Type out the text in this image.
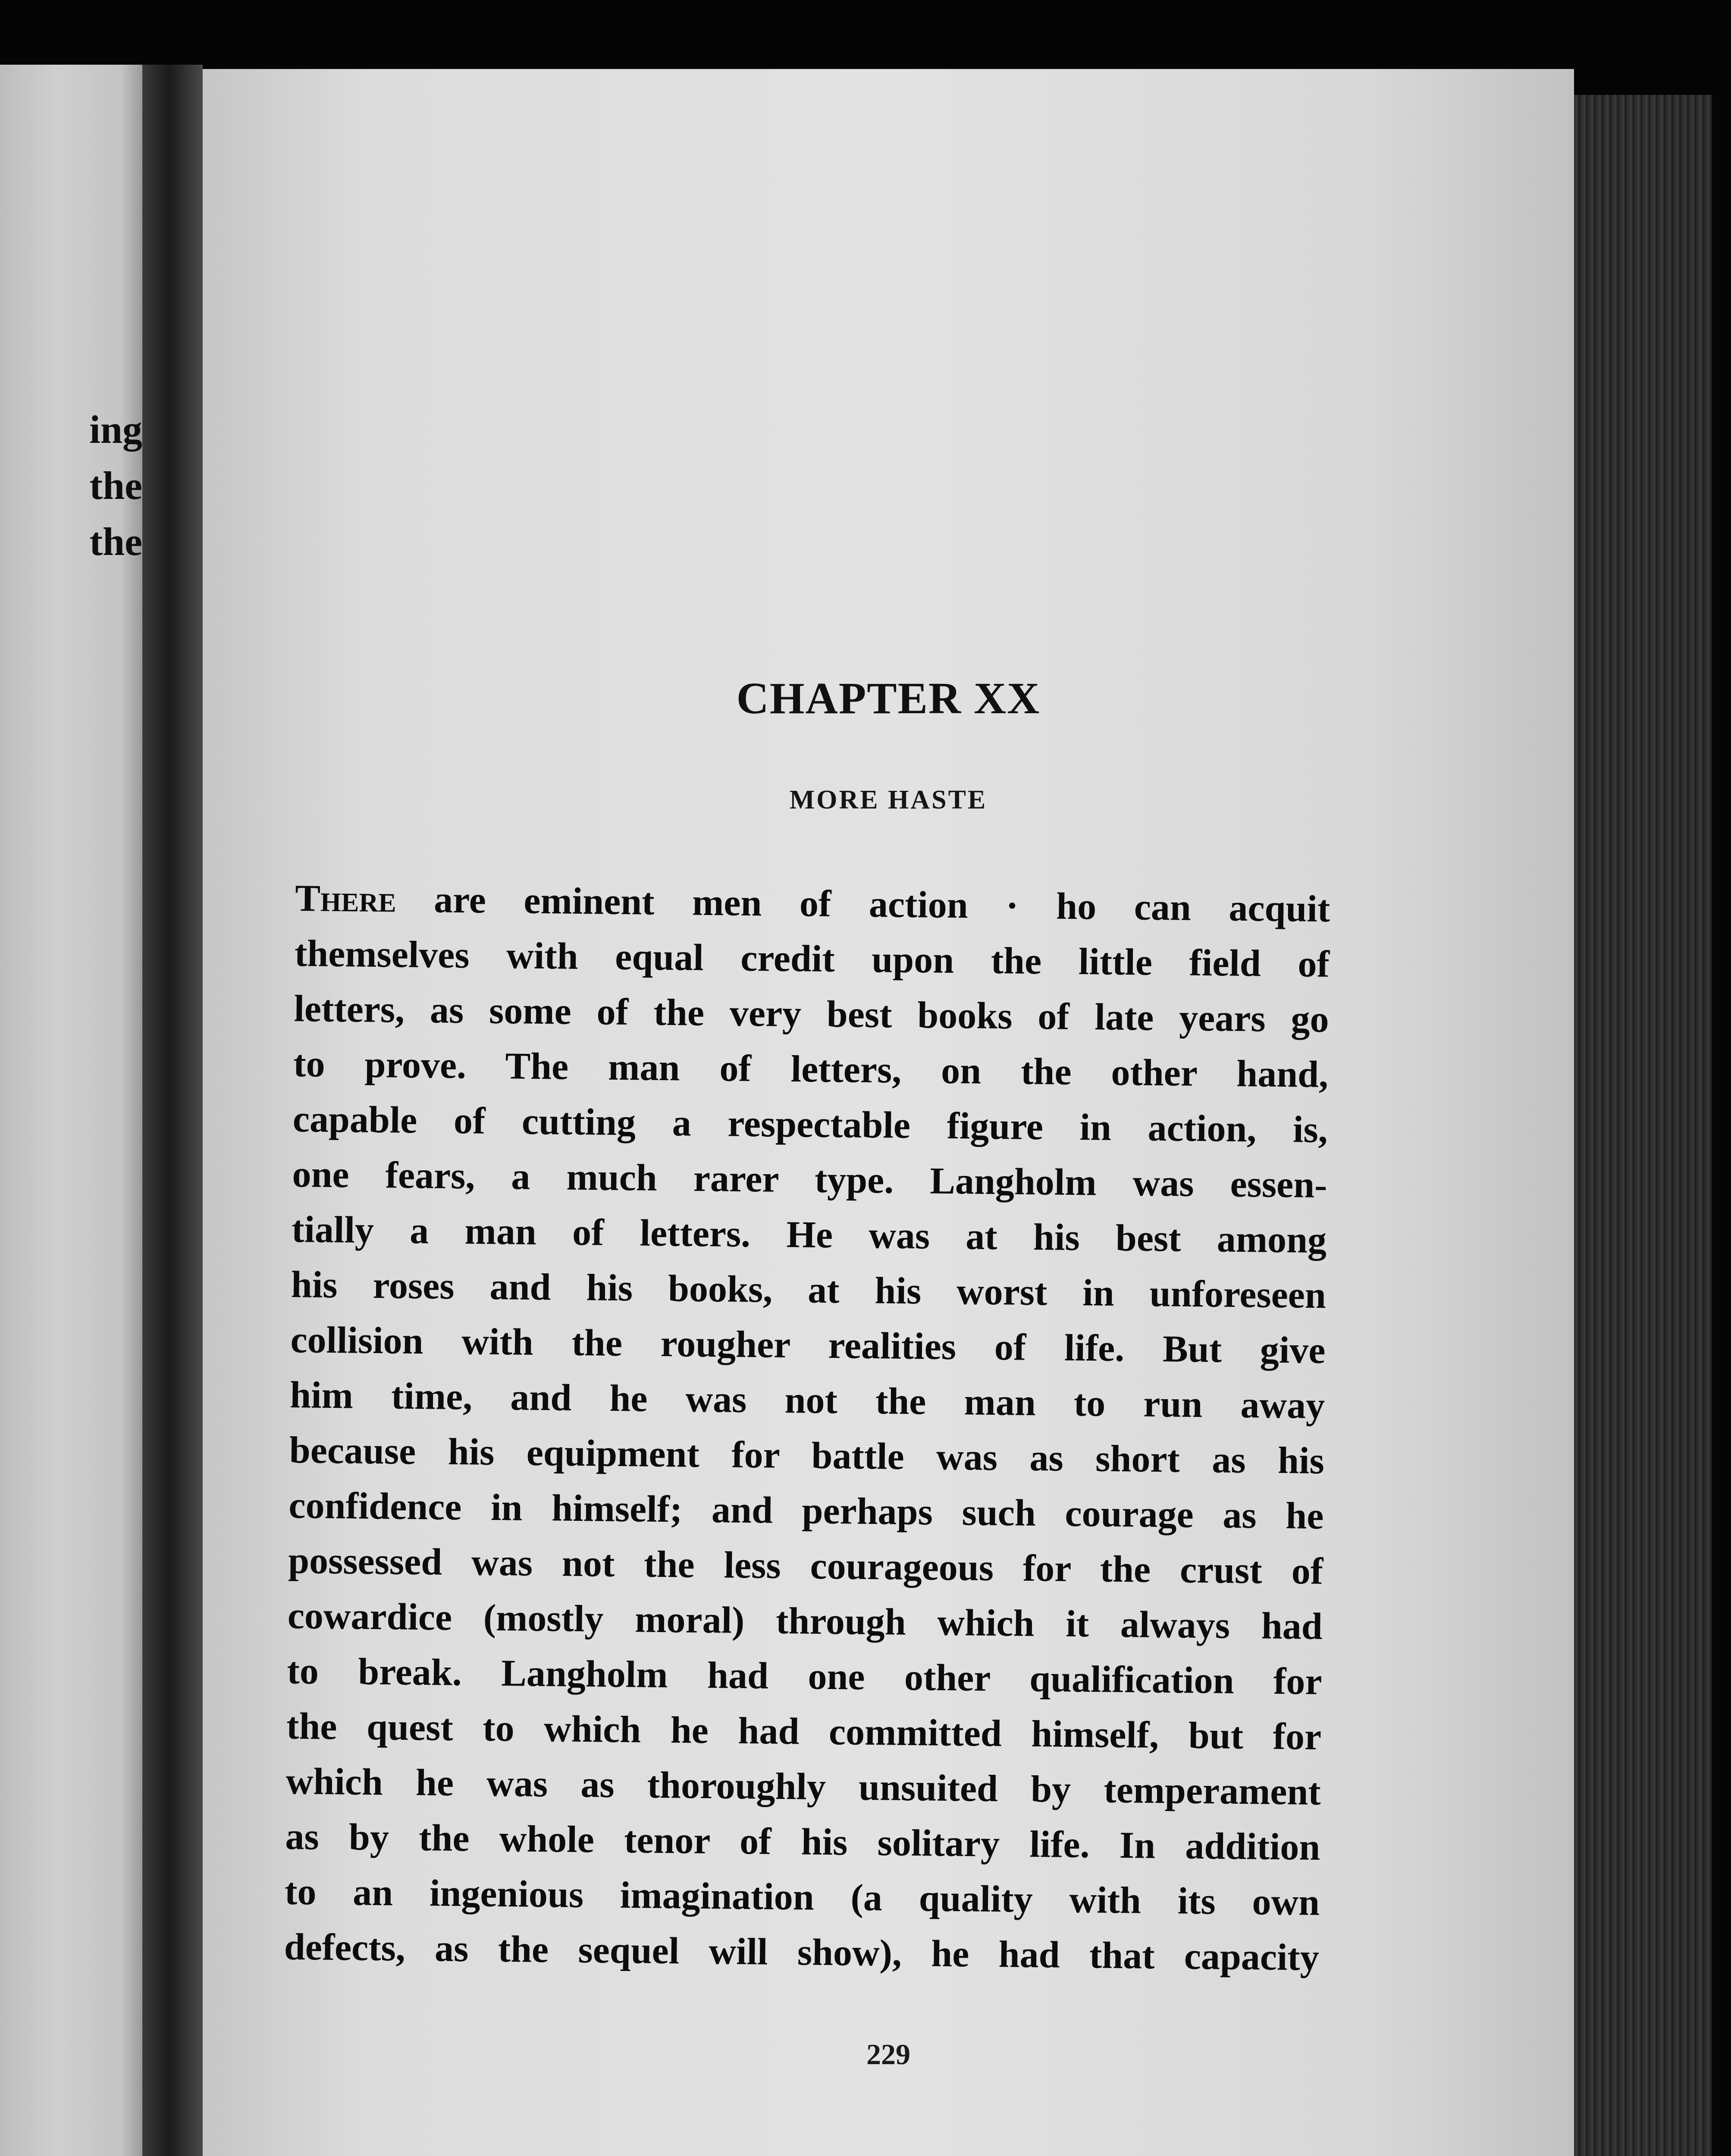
ing
the
the
CHAPTER XX
MORE HASTE
There are eminent men of action · ho can acquit
themselves with equal credit upon the little field of
letters, as some of the very best books of late years go
to prove. The man of letters, on the other hand,
capable of cutting a respectable figure in action, is,
one fears, a much rarer type. Langholm was essen-
tially a man of letters. He was at his best among
his roses and his books, at his worst in unforeseen
collision with the rougher realities of life. But give
him time, and he was not the man to run away
because his equipment for battle was as short as his
confidence in himself; and perhaps such courage as he
possessed was not the less courageous for the crust of
cowardice (mostly moral) through which it always had
to break. Langholm had one other qualification for
the quest to which he had committed himself, but for
which he was as thoroughly unsuited by temperament
as by the whole tenor of his solitary life. In addition
to an ingenious imagination (a quality with its own
defects, as the sequel will show), he had that capacity
229
